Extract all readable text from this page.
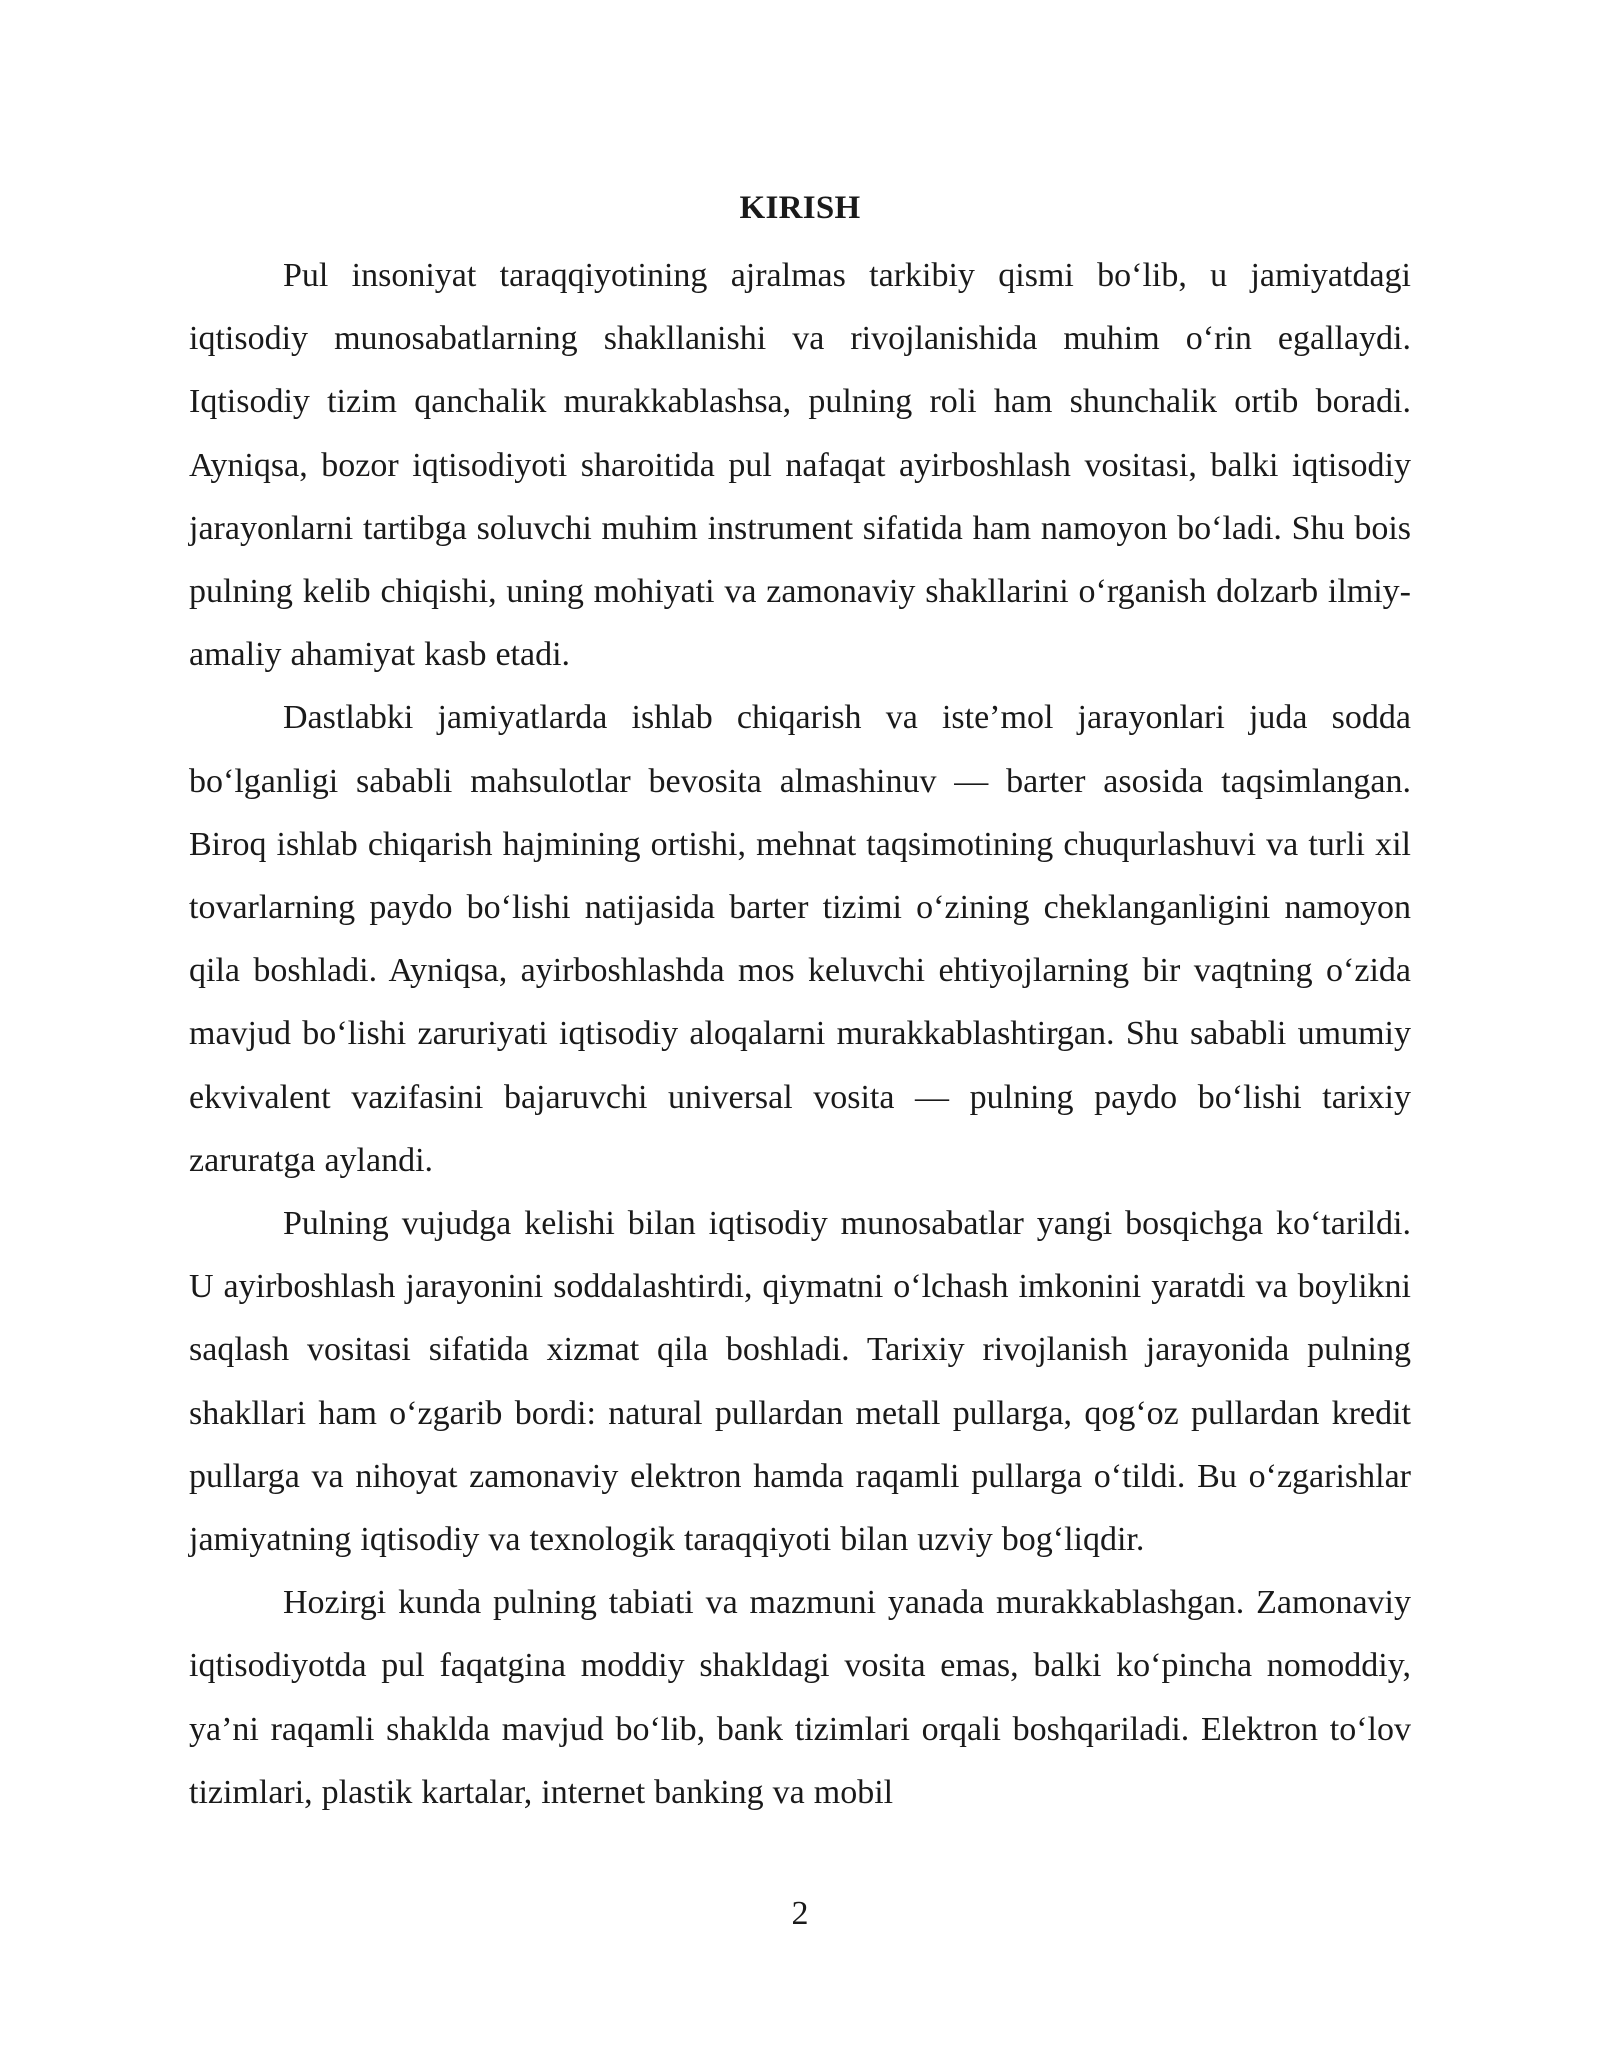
KIRISH

Pul insoniyat taraqqiyotining ajralmas tarkibiy qismi bo‘lib, u jamiyatdagi iqtisodiy munosabatlarning shakllanishi va rivojlanishida muhim o‘rin egallaydi. Iqtisodiy tizim qanchalik murakkablashsa, pulning roli ham shunchalik ortib boradi. Ayniqsa, bozor iqtisodiyoti sharoitida pul nafaqat ayirboshlash vositasi, balki iqtisodiy jarayonlarni tartibga soluvchi muhim instrument sifatida ham namoyon bo‘ladi. Shu bois pulning kelib chiqishi, uning mohiyati va zamonaviy shakllarini o‘rganish dolzarb ilmiy-amaliy ahamiyat kasb etadi.

Dastlabki jamiyatlarda ishlab chiqarish va iste’mol jarayonlari juda sodda bo‘lganligi sababli mahsulotlar bevosita almashinuv — barter asosida taqsimlangan. Biroq ishlab chiqarish hajmining ortishi, mehnat taqsimotining chuqurlashuvi va turli xil tovarlarning paydo bo‘lishi natijasida barter tizimi o‘zining cheklanganligini namoyon qila boshladi. Ayniqsa, ayirboshlashda mos keluvchi ehtiyojlarning bir vaqtning o‘zida mavjud bo‘lishi zaruriyati iqtisodiy aloqalarni murakkablashtirgan. Shu sababli umumiy ekvivalent vazifasini bajaruvchi universal vosita — pulning paydo bo‘lishi tarixiy zaruratga aylandi.

Pulning vujudga kelishi bilan iqtisodiy munosabatlar yangi bosqichga ko‘tarildi. U ayirboshlash jarayonini soddalashtirdi, qiymatni o‘lchash imkonini yaratdi va boylikni saqlash vositasi sifatida xizmat qila boshladi. Tarixiy rivojlanish jarayonida pulning shakllari ham o‘zgarib bordi: natural pullardan metall pullarga, qog‘oz pullardan kredit pullarga va nihoyat zamonaviy elektron hamda raqamli pullarga o‘tildi. Bu o‘zgarishlar jamiyatning iqtisodiy va texnologik taraqqiyoti bilan uzviy bog‘liqdir.

Hozirgi kunda pulning tabiati va mazmuni yanada murakkablashgan. Zamonaviy iqtisodiyotda pul faqatgina moddiy shakldagi vosita emas, balki ko‘pincha nomoddiy, ya’ni raqamli shaklda mavjud bo‘lib, bank tizimlari orqali boshqariladi. Elektron to‘lov tizimlari, plastik kartalar, internet banking va mobil

2
